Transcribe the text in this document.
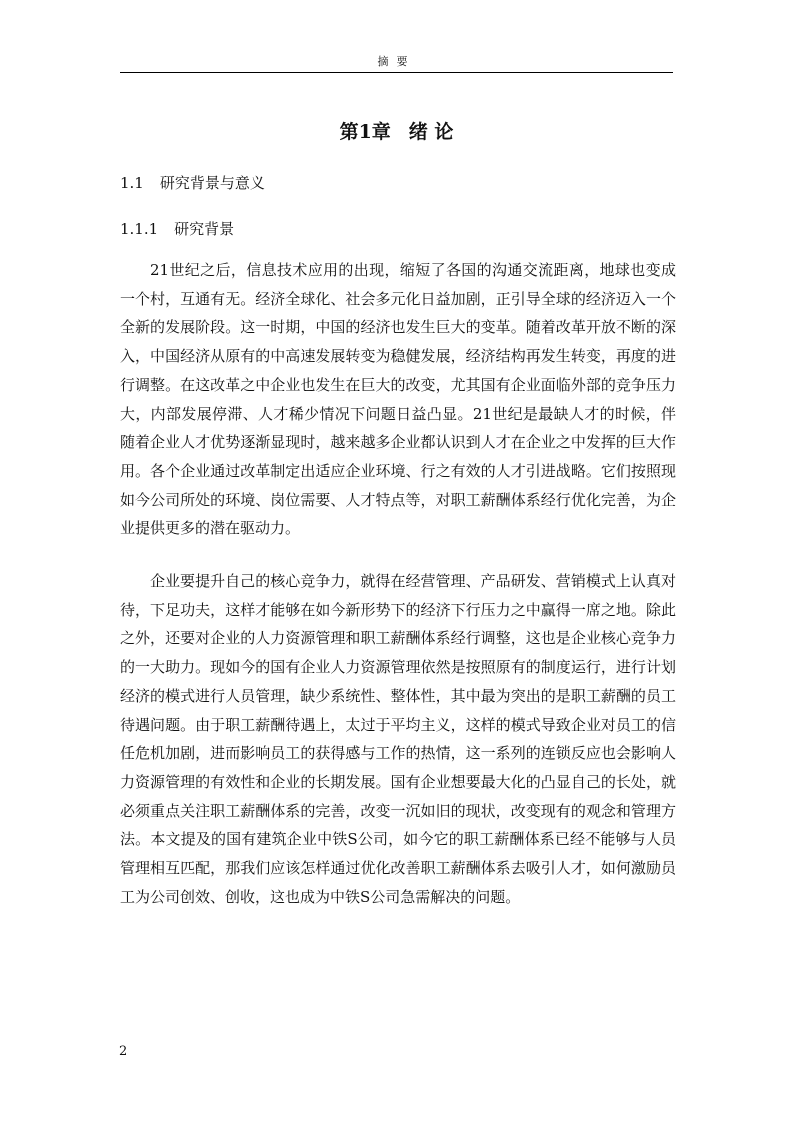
摘要
第1章 绪 论
1.1 研究背景与意义
1.1.1 研究背景

21世纪之后，信息技术应用的出现，缩短了各国的沟通交流距离，地球也变成一个村，互通有无。经济全球化、社会多元化日益加剧，正引导全球的经济迈入一个全新的发展阶段。这一时期，中国的经济也发生巨大的变革。随着改革开放不断的深入，中国经济从原有的中高速发展转变为稳健发展，经济结构再发生转变，再度的进行调整。在这改革之中企业也发生在巨大的改变，尤其国有企业面临外部的竞争压力大，内部发展停滞、人才稀少情况下问题日益凸显。21世纪是最缺人才的时候，伴随着企业人才优势逐渐显现时，越来越多企业都认识到人才在企业之中发挥的巨大作用。各个企业通过改革制定出适应企业环境、行之有效的人才引进战略。它们按照现如今公司所处的环境、岗位需要、人才特点等，对职工薪酬体系经行优化完善，为企业提供更多的潜在驱动力。

企业要提升自己的核心竞争力，就得在经营管理、产品研发、营销模式上认真对待，下足功夫，这样才能够在如今新形势下的经济下行压力之中赢得一席之地。除此之外，还要对企业的人力资源管理和职工薪酬体系经行调整，这也是企业核心竞争力的一大助力。现如今的国有企业人力资源管理依然是按照原有的制度运行，进行计划经济的模式进行人员管理，缺少系统性、整体性，其中最为突出的是职工薪酬的员工待遇问题。由于职工薪酬待遇上，太过于平均主义，这样的模式导致企业对员工的信任危机加剧，进而影响员工的获得感与工作的热情，这一系列的连锁反应也会影响人力资源管理的有效性和企业的长期发展。国有企业想要最大化的凸显自己的长处，就必须重点关注职工薪酬体系的完善，改变一沉如旧的现状，改变现有的观念和管理方法。本文提及的国有建筑企业中铁S公司，如今它的职工薪酬体系已经不能够与人员管理相互匹配，那我们应该怎样通过优化改善职工薪酬体系去吸引人才，如何激励员工为公司创效、创收，这也成为中铁S公司急需解决的问题。

2
